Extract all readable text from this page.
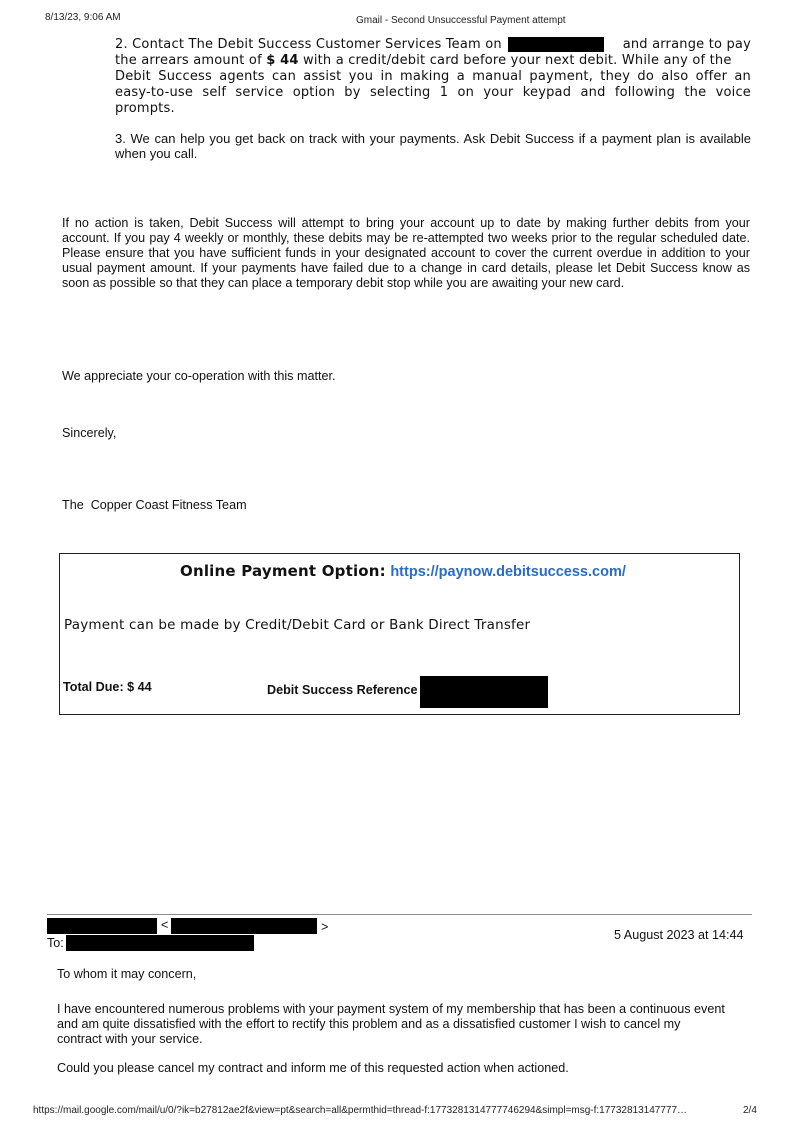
8/13/23, 9:06 AM	Gmail - Second Unsuccessful Payment attempt
2. Contact The Debit Success Customer Services Team on	and arrange to pay
the arrears amount of $ 44 with a credit/debit card before your next debit. While any of the
Debit Success agents can assist you in making a manual payment, they do also offer an
easy-to-use self service option by selecting 1 on your keypad and following the voice
prompts.
3. We can help you get back on track with your payments. Ask Debit Success if a payment plan is available when you call.
If no action is taken, Debit Success will attempt to bring your account up to date by making further debits from your account. If you pay 4 weekly or monthly, these debits may be re-attempted two weeks prior to the regular scheduled date. Please ensure that you have sufficient funds in your designated account to cover the current overdue in addition to your usual payment amount. If your payments have failed due to a change in card details, please let Debit Success know as soon as possible so that they can place a temporary debit stop while you are awaiting your new card.
We appreciate your co-operation with this matter.
Sincerely,
The  Copper Coast Fitness Team
Online Payment Option: https://paynow.debitsuccess.com/
Payment can be made by Credit/Debit Card or Bank Direct Transfer
Total Due: $ 44	Debit Success Reference
<	>
To:
5 August 2023 at 14:44
To whom it may concern,
I have encountered numerous problems with your payment system of my membership that has been a continuous event and am quite dissatisfied with the effort to rectify this problem and as a dissatisfied customer I wish to cancel my contract with your service.
Could you please cancel my contract and inform me of this requested action when actioned.
https://mail.google.com/mail/u/0/?ik=b27812ae2f&view=pt&search=all&permthid=thread-f:1773281314777746294&simpl=msg-f:17732813147777…	2/4
